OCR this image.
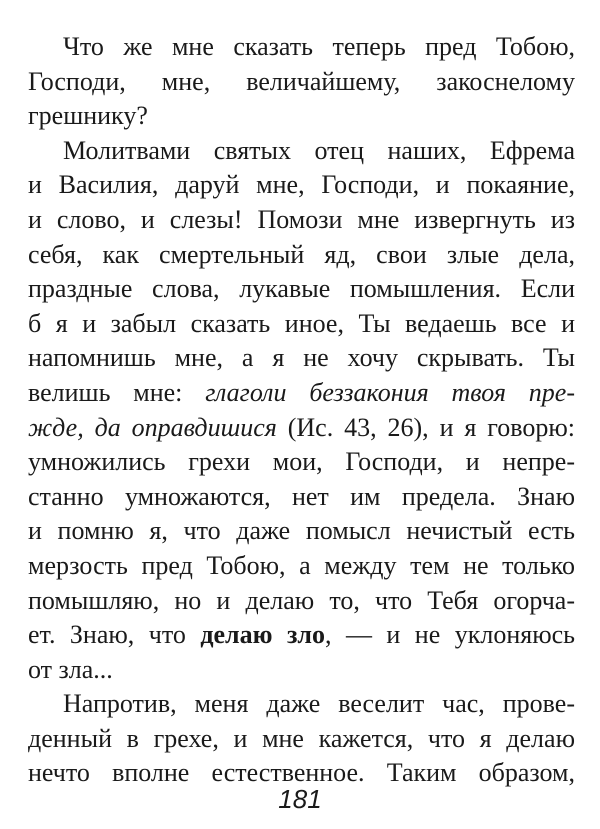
Что же мне сказать теперь пред Тобою,
Господи, мне, величайшему, закоснелому
грешнику?
Молитвами святых отец наших, Ефрема
и Василия, даруй мне, Господи, и покаяние,
и слово, и слезы! Помози мне извергнуть из
себя, как смертельный яд, свои злые дела,
праздные слова, лукавые помышления. Если
б я и забыл сказать иное, Ты ведаешь все и
напомнишь мне, а я не хочу скрывать. Ты
велишь мне: глаголи беззакония твоя пре-
жде, да оправдишися (Ис. 43, 26), и я говорю:
умножились грехи мои, Господи, и непре-
станно умножаются, нет им предела. Знаю
и помню я, что даже помысл нечистый есть
мерзость пред Тобою, а между тем не только
помышляю, но и делаю то, что Тебя огорча-
ет. Знаю, что делаю зло, — и не уклоняюсь
от зла...
Напротив, меня даже веселит час, прове-
денный в грехе, и мне кажется, что я делаю
нечто вполне естественное. Таким образом,
181
